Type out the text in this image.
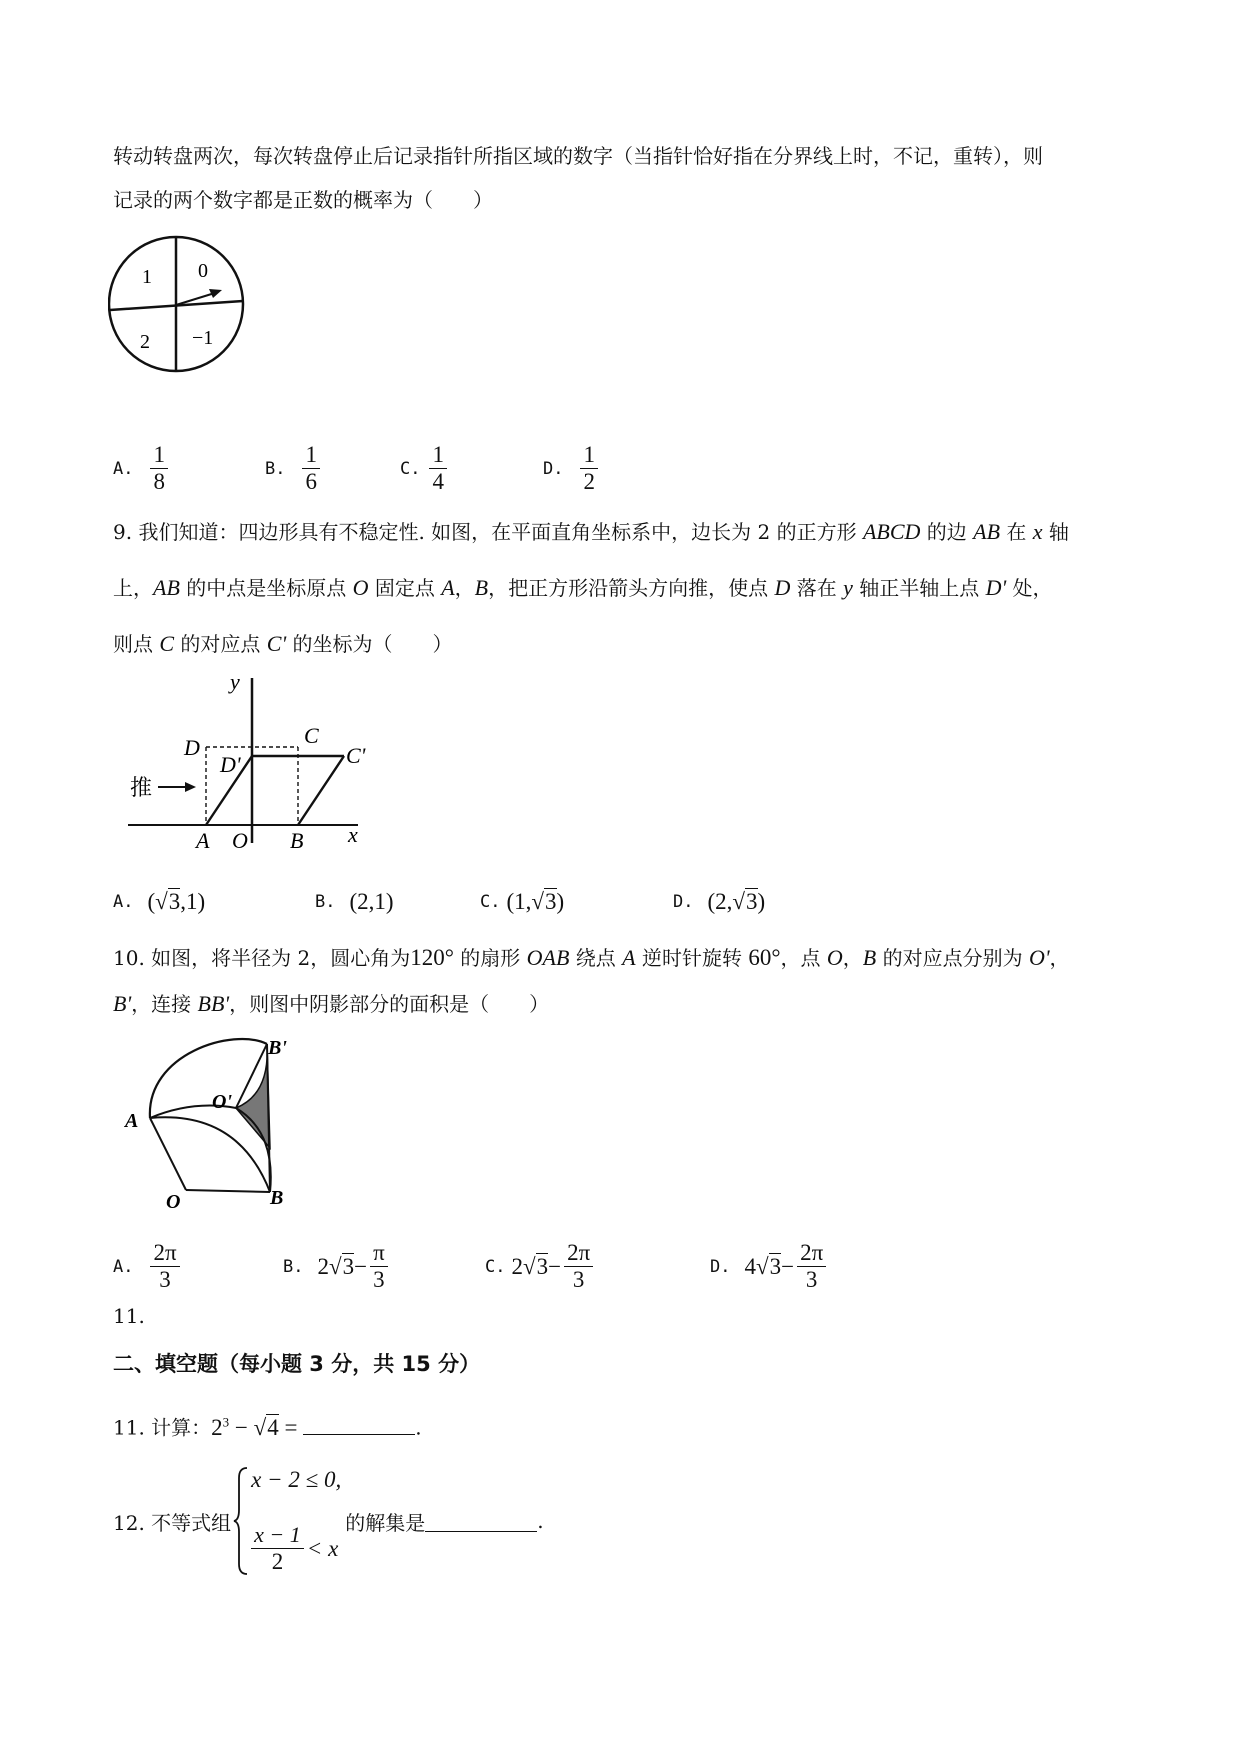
转动转盘两次，每次转盘停止后记录指针所指区域的数字（当指针恰好指在分界线上时，不记，重转），则
记录的两个数字都是正数的概率为（　　）
1 0
2 −1
A. $\frac{1}{8}$	B. $\frac{1}{6}$	C. $\frac{1}{4}$	D. $\frac{1}{2}$
9. 我们知道：四边形具有不稳定性. 如图，在平面直角坐标系中，边长为 2 的正方形 ABCD 的边 AB 在 x 轴
上，AB 的中点是坐标原点 O 固定点 A，B，把正方形沿箭头方向推，使点 D 落在 y 轴正半轴上点 D' 处，
则点 C 的对应点 C' 的坐标为（　　）
推
y
x
D	C
D'	C'
A O B
A. (√3,1)	B. (2,1)	C. (1,√3)	D. (2,√3)
10. 如图，将半径为 2，圆心角为120° 的扇形 OAB 绕点 A 逆时针旋转 60°，点 O，B 的对应点分别为 O'，
B'，连接 BB'，则图中阴影部分的面积是（　　）
B'
O'
A
O	B
A. $\frac{2\pi}{3}$	B. $2√3- \frac{\pi}{3}$	C. $2√3- \frac{2\pi}{3}$	D. $4√3- \frac{2\pi}{3}$
11.
二、填空题（每小题 3 分，共 15 分）
11. 计算：$2^3 - √4$ =	.
12. 不等式组
x − 2 ≤ 0,
$\frac{x - 1}{2} < x$
的解集是	.
